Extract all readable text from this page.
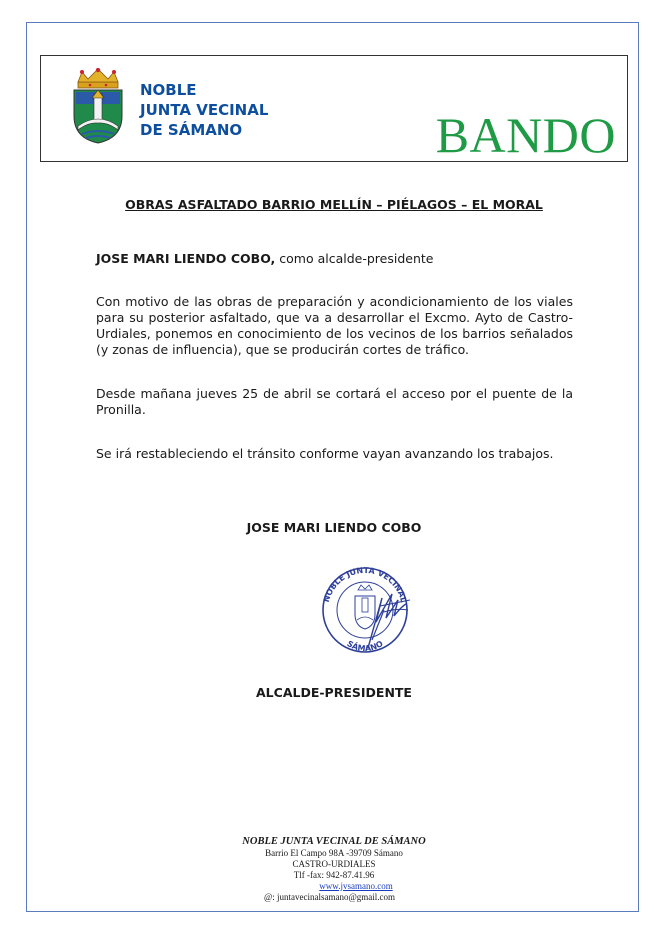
NOBLE
JUNTA VECINAL
DE SÁMANO	BANDO
OBRAS ASFALTADO BARRIO MELLÍN – PIÉLAGOS – EL MORAL
JOSE MARI LIENDO COBO, como alcalde-presidente
Con motivo de las obras de preparación y acondicionamiento de los viales para su posterior asfaltado, que va a desarrollar el Excmo. Ayto de Castro-Urdiales, ponemos en conocimiento de los vecinos de los barrios señalados (y zonas de influencia), que se producirán cortes de tráfico.
Desde mañana jueves 25 de abril se cortará el acceso por el puente de la Pronilla.
Se irá restableciendo el tránsito conforme vayan avanzando los trabajos.
JOSE MARI LIENDO COBO
NOBLE JUNTA VECINAL
SÁMANO
ALCALDE-PRESIDENTE
NOBLE JUNTA VECINAL DE SÁMANO
Barrio El Campo 98A -39709 Sámano
CASTRO-URDIALES
Tlf -fax: 942-87.41.96
www.jvsamano.com
@: juntavecinalsamano@gmail.com
